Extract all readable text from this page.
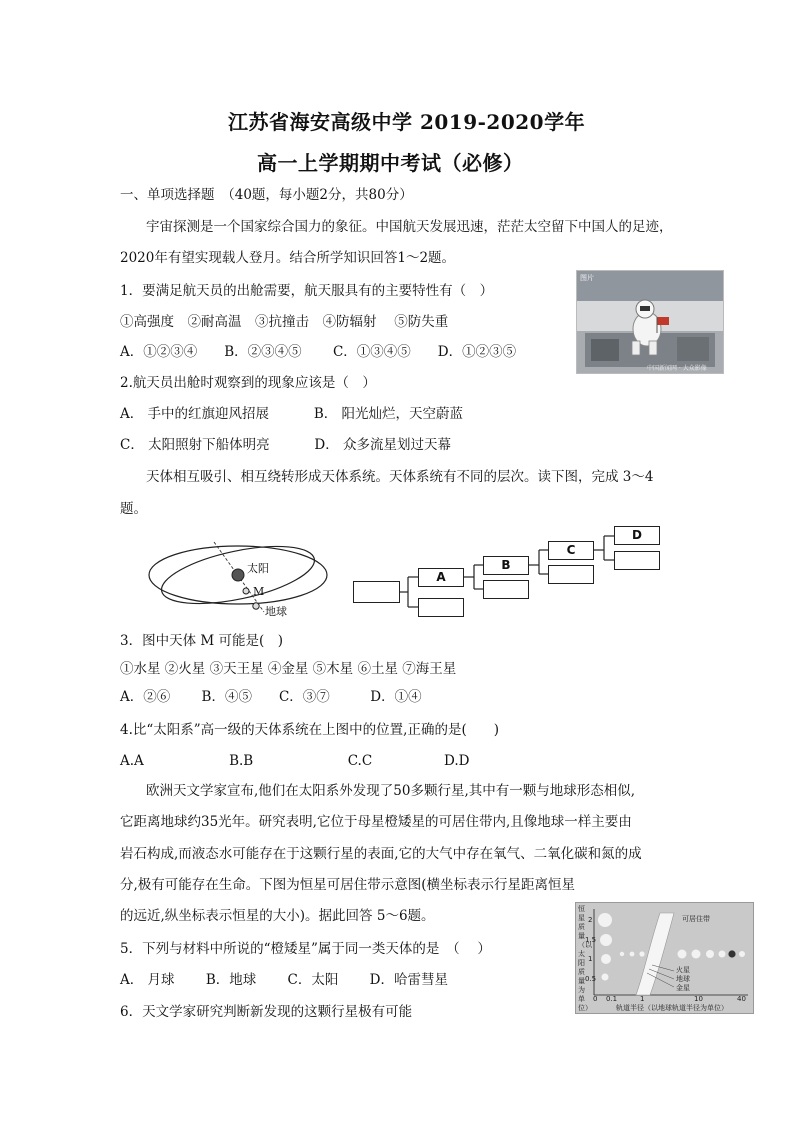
江苏省海安高级中学 2019-2020学年
高一上学期期中考试（必修）
一、单项选择题　（40题，每小题2分，共80分）
宇宙探测是一个国家综合国力的象征。中国航天发展迅速，茫茫太空留下中国人的足迹，
2020年有望实现载人登月。结合所学知识回答1～2题。
1．要满足航天员的出舱需要，航天服具有的主要特性有（　）
①高强度　②耐高温　③抗撞击　④防辐射　 ⑤防失重
A．①②③④　　B．②③④⑤　　 C．①③④⑤　　D．①②③⑤
图片
中国新闻网 · 大众影像
2.航天员出舱时观察到的现象应该是（　）
A． 手中的红旗迎风招展　　　 B． 阳光灿烂，天空蔚蓝
C． 太阳照射下船体明亮　　　 D． 众多流星划过天幕
天体相互吸引、相互绕转形成天体系统。天体系统有不同的层次。读下图，完成 3～4
题。
太阳
M
地球
A
B
C
D
3．图中天体 M 可能是(　)
①水星 ②火星 ③天王星 ④金星 ⑤木星 ⑥土星 ⑦海王星
A．②⑥　　 B．④⑤　　C．③⑦　　　D．①④
4.比“太阳系”高一级的天体系统在上图中的位置,正确的是(　　)
A.A　　　　　　 B.B　　　　　　　C.C　　　　　 D.D
欧洲天文学家宣布,他们在太阳系外发现了50多颗行星,其中有一颗与地球形态相似,
它距离地球约35光年。研究表明,它位于母星橙矮星的可居住带内,且像地球一样主要由
岩石构成,而液态水可能存在于这颗行星的表面,它的大气中存在氧气、二氧化碳和氮的成
分,极有可能存在生命。下图为恒星可居住带示意图(横坐标表示行星距离恒星
的远近,纵坐标表示恒星的大小)。据此回答 5～6题。	恒星质量（以太阳质量为单位）
可居住带
火星
地球
金星
2
1.5
1
0.5
0 0.1	1	10	40
轨道半径（以地球轨道半径为单位）
5．下列与材料中所说的“橙矮星”属于同一类天体的是　（　 ）
A． 月球　　 B．地球　　 C．太阳　　 D．哈雷彗星
6．天文学家研究判断新发现的这颗行星极有可能
